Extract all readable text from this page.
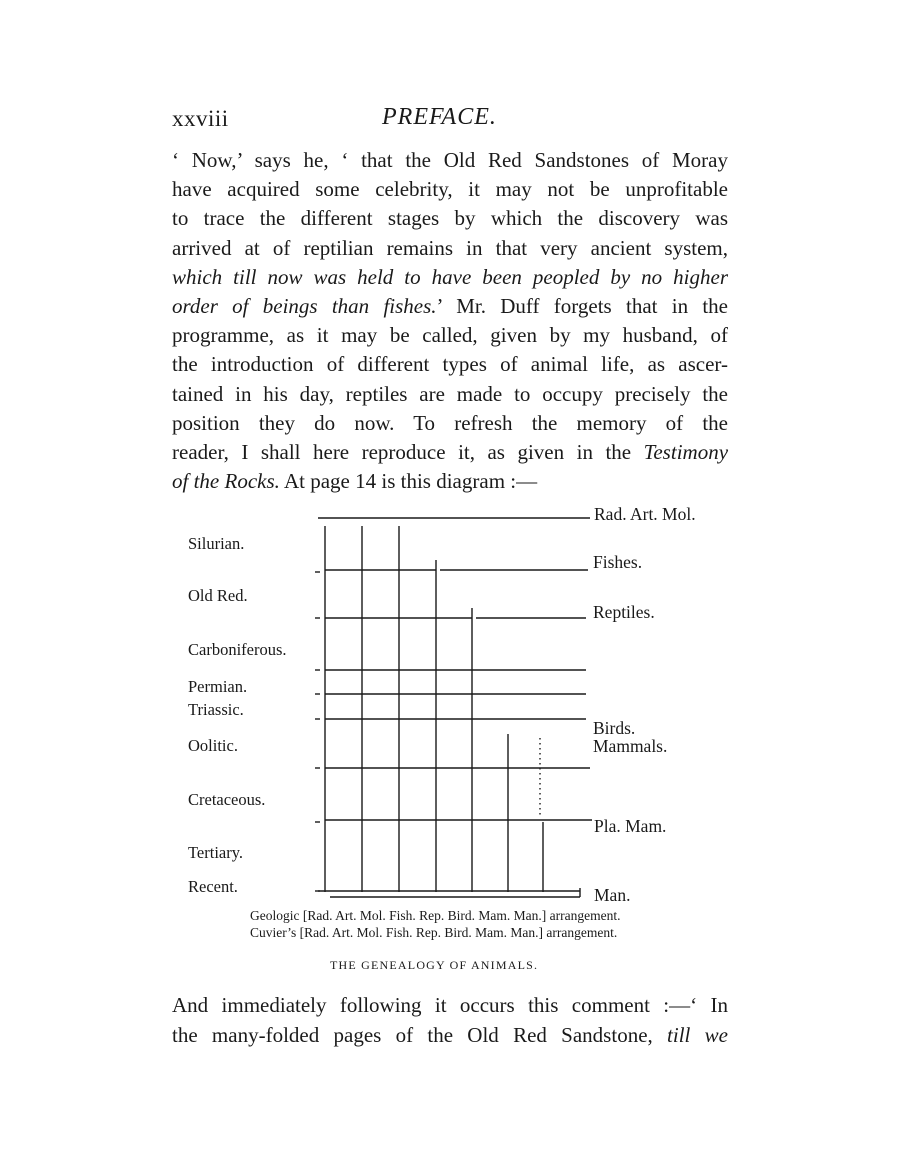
xxviii	PREFACE.
‘ Now,’ says he, ‘ that the Old Red Sandstones of Moray
have acquired some celebrity, it may not be unprofitable
to trace the different stages by which the discovery was
arrived at of reptilian remains in that very ancient system,
which till now was held to have been peopled by no higher
order of beings than fishes.’ Mr. Duff forgets that in the
programme, as it may be called, given by my husband, of
the introduction of different types of animal life, as ascer-
tained in his day, reptiles are made to occupy precisely the
position they do now. To refresh the memory of the
reader, I shall here reproduce it, as given in the Testimony
of the Rocks. At page 14 is this diagram :—
Silurian.
Old Red.
Carboniferous.
Permian.
Triassic.
Oolitic.
Cretaceous.
Tertiary.
Recent.
Rad. Art. Mol.
Fishes.
Reptiles.
Birds.
Mammals.
Pla. Mam.
Man.
Geologic [Rad. Art. Mol. Fish. Rep. Bird. Mam. Man.] arrangement.
Cuvier’s [Rad. Art. Mol. Fish. Rep. Bird. Mam. Man.] arrangement.
THE GENEALOGY OF ANIMALS.
And immediately following it occurs this comment :—‘ In
the many-folded pages of the Old Red Sandstone, till we
